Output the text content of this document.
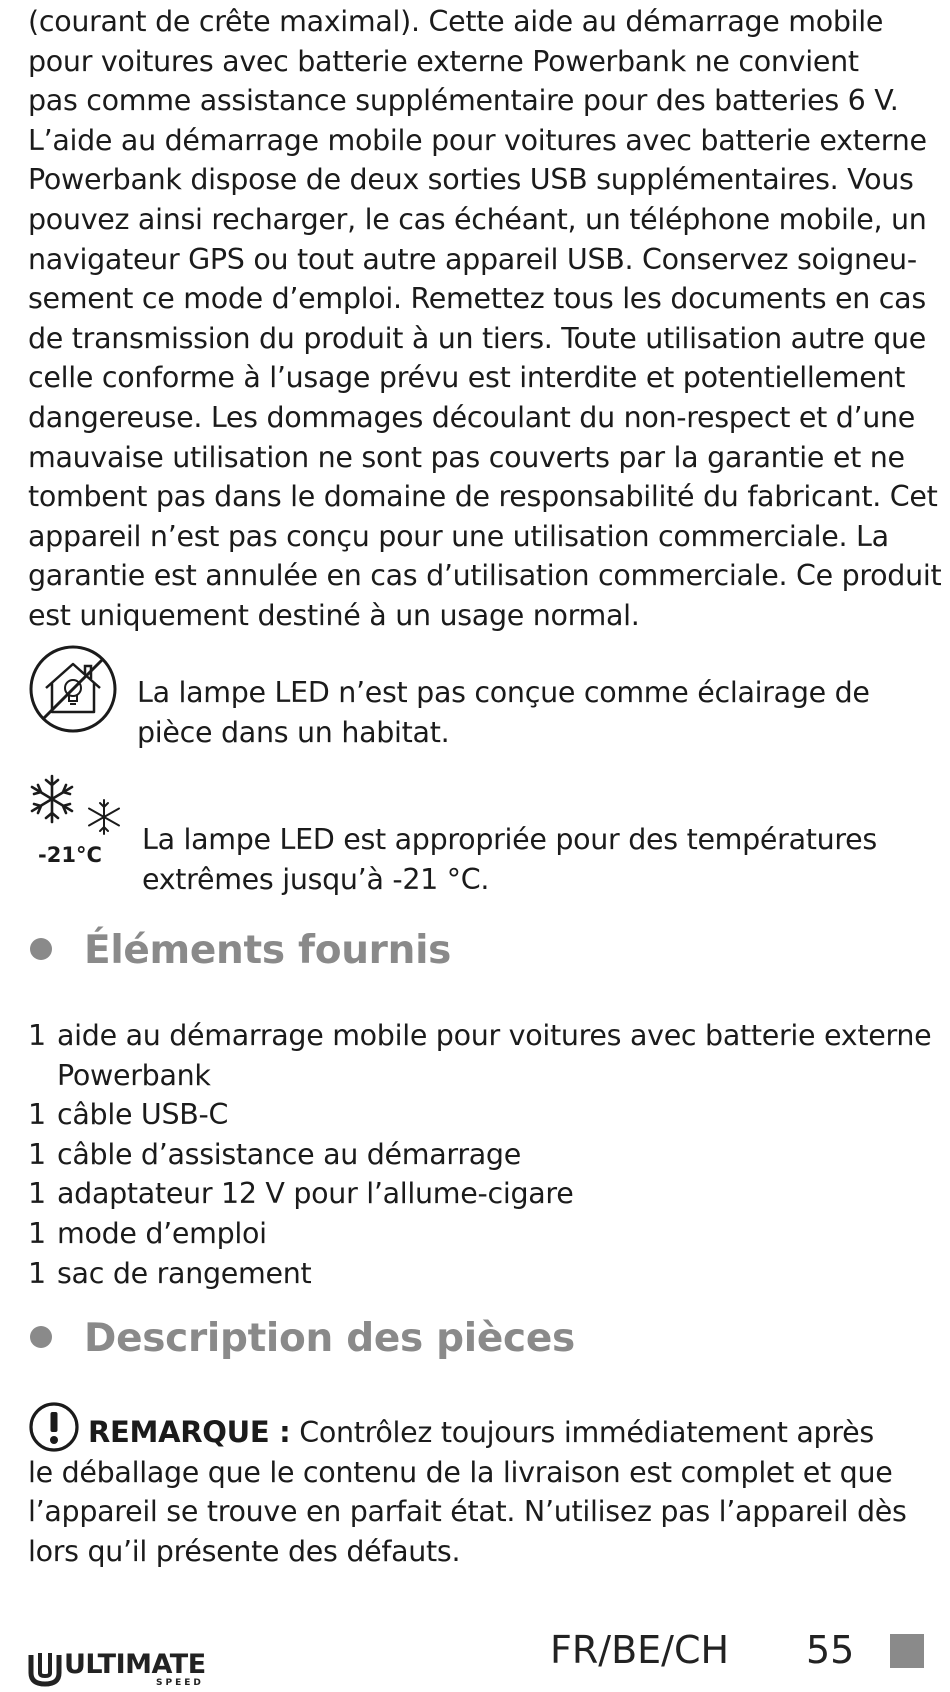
(courant de crête maximal). Cette aide au démarrage mobile
pour voitures avec batterie externe Powerbank ne convient
pas comme assistance supplémentaire pour des batteries 6 V.
L’aide au démarrage mobile pour voitures avec batterie externe
Powerbank dispose de deux sorties USB supplémentaires. Vous
pouvez ainsi recharger, le cas échéant, un téléphone mobile, un
navigateur GPS ou tout autre appareil USB. Conservez soigneu-
sement ce mode d’emploi. Remettez tous les documents en cas
de transmission du produit à un tiers. Toute utilisation autre que
celle conforme à l’usage prévu est interdite et potentiellement
dangereuse. Les dommages découlant du non-respect et d’une
mauvaise utilisation ne sont pas couverts par la garantie et ne
tombent pas dans le domaine de responsabilité du fabricant. Cet
appareil n’est pas conçu pour une utilisation commerciale. La
garantie est annulée en cas d’utilisation commerciale. Ce produit
est uniquement destiné à un usage normal.
La lampe LED n’est pas conçue comme éclairage de
pièce dans un habitat.
-21°C La lampe LED est appropriée pour des températures
extrêmes jusqu’à -21 °C.
Éléments fournis
1 aide au démarrage mobile pour voitures avec batterie externe
Powerbank
1 câble USB-C
1 câble d’assistance au démarrage
1 adaptateur 12 V pour l’allume-cigare
1 mode d’emploi
1 sac de rangement
Description des pièces
REMARQUE : Contrôlez toujours immédiatement après
le déballage que le contenu de la livraison est complet et que
l’appareil se trouve en parfait état. N’utilisez pas l’appareil dès
lors qu’il présente des défauts.
ULTIMATE
SPEED
FR/BE/CH 55
